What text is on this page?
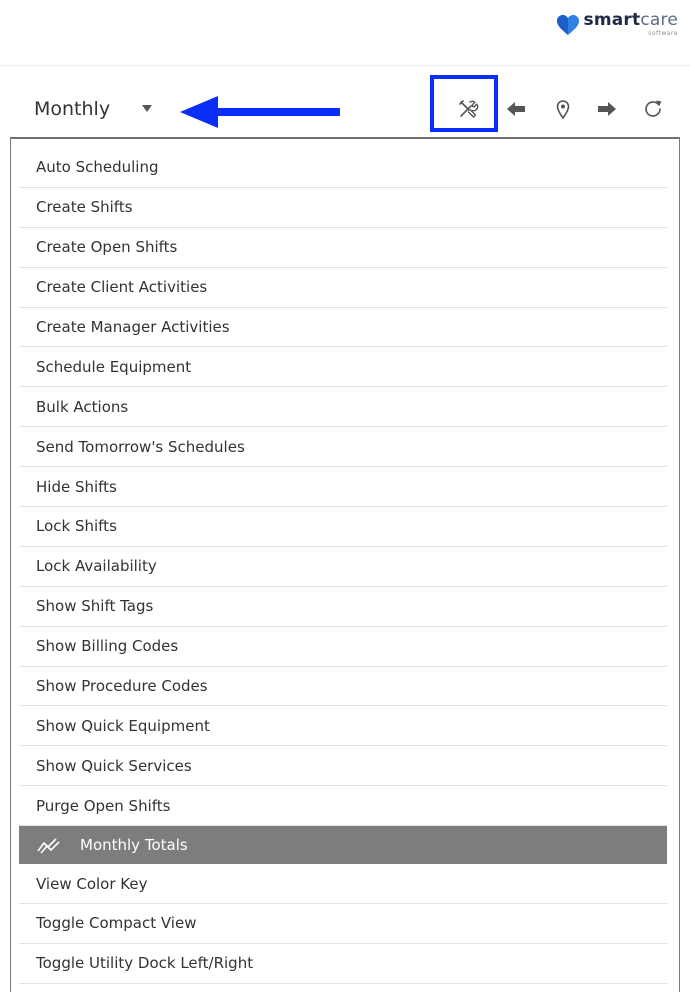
smartcare
software
Monthly
Auto Scheduling
Create Shifts
Create Open Shifts
Create Client Activities
Create Manager Activities
Schedule Equipment
Bulk Actions
Send Tomorrow's Schedules
Hide Shifts
Lock Shifts
Lock Availability
Show Shift Tags
Show Billing Codes
Show Procedure Codes
Show Quick Equipment
Show Quick Services
Purge Open Shifts
Monthly Totals
View Color Key
Toggle Compact View
Toggle Utility Dock Left/Right
